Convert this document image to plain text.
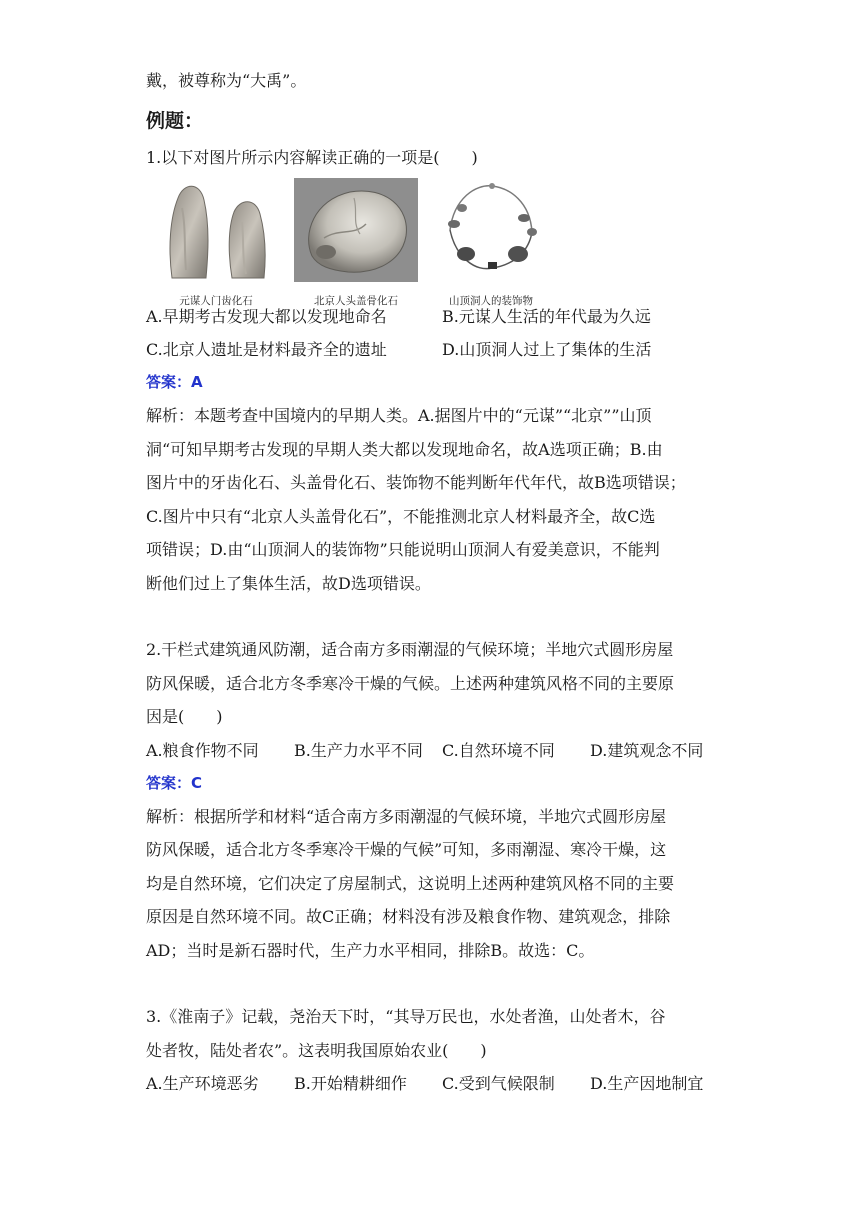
戴，被尊称为“大禹”。
例题：
1.以下对图片所示内容解读正确的一项是(　　)
元谋人门齿化石	北京人头盖骨化石	山顶洞人的装饰物
A.早期考古发现大都以发现地命名	B.元谋人生活的年代最为久远
C.北京人遗址是材料最齐全的遗址	D.山顶洞人过上了集体的生活
答案：A
解析：本题考查中国境内的早期人类。A.据图片中的“元谋”“北京””山顶
洞“可知早期考古发现的早期人类大都以发现地命名，故A选项正确；B.由
图片中的牙齿化石、头盖骨化石、装饰物不能判断年代年代，故B选项错误；
C.图片中只有“北京人头盖骨化石”，不能推测北京人材料最齐全，故C选
项错误；D.由“山顶洞人的装饰物”只能说明山顶洞人有爱美意识，不能判
断他们过上了集体生活，故D选项错误。
2.干栏式建筑通风防潮，适合南方多雨潮湿的气候环境；半地穴式圆形房屋
防风保暖，适合北方冬季寒冷干燥的气候。上述两种建筑风格不同的主要原
因是(　　)
A.粮食作物不同	B.生产力水平不同	C.自然环境不同	D.建筑观念不同
答案：C
解析：根据所学和材料“适合南方多雨潮湿的气候环境，半地穴式圆形房屋
防风保暖，适合北方冬季寒冷干燥的气候”可知，多雨潮湿、寒冷干燥，这
均是自然环境，它们决定了房屋制式，这说明上述两种建筑风格不同的主要
原因是自然环境不同。故C正确；材料没有涉及粮食作物、建筑观念，排除
AD；当时是新石器时代，生产力水平相同，排除B。故选：C。
3.《淮南子》记载，尧治天下时，“其导万民也，水处者渔，山处者木，谷
处者牧，陆处者农”。这表明我国原始农业(　　)
A.生产环境恶劣	B.开始精耕细作	C.受到气候限制	D.生产因地制宜
